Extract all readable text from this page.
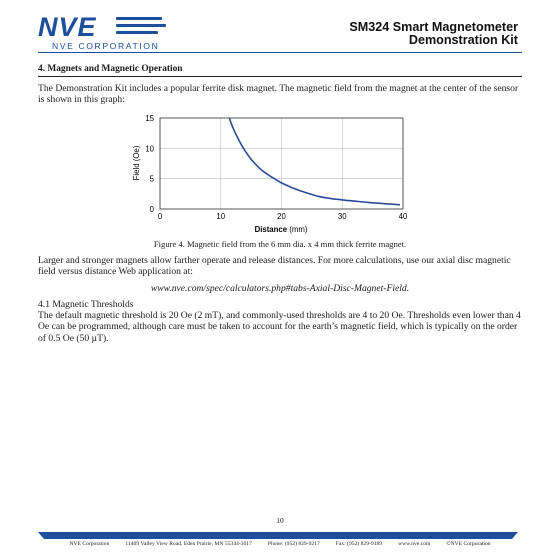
NVE
NVE CORPORATION
SM324 Smart Magnetometer
Demonstration Kit
4. Magnets and Magnetic Operation
The Demonstration Kit includes a popular ferrite disk magnet. The magnetic field from the magnet at the center of the sensor is shown in this graph:
0	10	20	30	40
0
5
10
15
Distance (mm)
Field (Oe)
Figure 4. Magnetic field from the 6 mm dia. x 4 mm thick ferrite magnet.
Larger and stronger magnets allow farther operate and release distances. For more calculations, use our axial disc magnetic field versus distance Web application at:
www.nve.com/spec/calculators.php#tabs-Axial-Disc-Magnet-Field.
4.1 Magnetic Thresholds
The default magnetic threshold is 20 Oe (2 mT), and commonly-used thresholds are 4 to 20 Oe. Thresholds even lower than 4 Oe can be programmed, although care must be taken to account for the earth’s magnetic field, which is typically on the order of 0.5 Oe (50 µT).
10
NVE Corporation	11409 Valley View Road, Eden Prairie, MN 55344-3617	Phone: (952) 829-9217	Fax: (952) 829-9189	www.nve.com	©NVE Corporation
